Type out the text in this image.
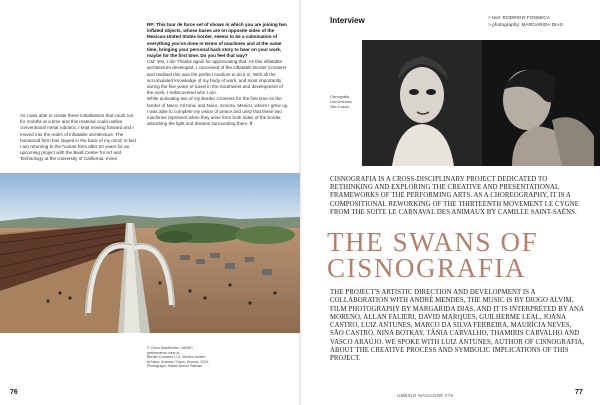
As I was able to create these installations that could run for months at a time and this material could outlive conventional metal robotics, I kept moving forward and I moved into the realm of inflatable architecture. The humanoid form has stayed in the back of my mind; in fact I am returning to the human form after 20 years for an upcoming project with the Beall Center for Art and Technology at the University of California, Irvine.

RP: This tour de force set of shows in which you are joining two inflated objects, whose bases are on opposite sides of the Mexican-United States border, seems to be a culmination of everything you've done in terms of machines and at the same time, bringing your personal back story to bear on your work, maybe for the first time. Do you feel that way?

CM: Yes, I do! Thanks again for appreciating that. As this inflatable architecture developed, I conceived of the inflatable Border Crossers and realised this was the perfect medium to do it in. With all the accumulated knowledge of my body of work, and most importantly during the five years of travel in the Southwest and development of the work, I rediscovered who I am.

While activating two of my Border Crossers for the first time on the border of Naco, Arizona, and Naco, Sonora, Mexico, where I grew up, I was able to complete my vision of peace and unity that these two machines represent when they arise from both sides of the border, absorbing the light and dreams surrounding them. //

© Chico MacMurtrie / AMWC
performance view of
Border Crossers U.S.-Mexico border
at Naco, Arizona / Naco, Sonora, 2021.
Photograph: Daniel Nunez Salinas
76
Interview	> text: RODRIGO FONSECA
> photography: MARGARIDA DIAS
Cisnografia
Luiz Antunes
São Castro
CISNOGRAFIA IS A CROSS-DISCIPLINARY PROJECT DEDICATED TO RETHINKING AND EXPLORING THE CREATIVE AND PRESENTATIONAL FRAMEWORKS OF THE PERFORMING ARTS. AS A CHOREOGRAPHY, IT IS A COMPOSITIONAL REWORKING OF THE THIRTEENTH MOVEMENT LE CYGNE FROM THE SUITE LE CARNAVAL DES ANIMAUX BY CAMILLE SAINT-SAËNS.
THE SWANS OF
CISNOGRAFIA
THE PROJECT'S ARTISTIC DIRECTION AND DEVELOPMENT IS A COLLABORATION WITH ANDRÉ MENDES, THE MUSIC IS BY DIOGO ALVIM, FILM PHOTOGRAPHY BY MARGARIDA DIAS, AND IT IS INTERPRETED BY ANA MORENO, ALLAN FALIERI, DAVID MARQUES, GUILHERME LEAL, JOANA CASTRO, LUIZ ANTUNES, MARCO DA SILVA FERREIRA, MAURÍCIA NEVES, SÃO CASTRO, NINA BOTKAY, TÂNIA CARVALHO, THAMIRIS CARVALHO AND VASCO ARAÚJO. WE SPOKE WITH LUIZ ANTUNES, AUTHOR OF CISNOGRAFIA, ABOUT THE CREATIVE PROCESS AND SYMBOLIC IMPLICATIONS OF THIS PROJECT.
UMBIGO MAGAZINE #79	77
